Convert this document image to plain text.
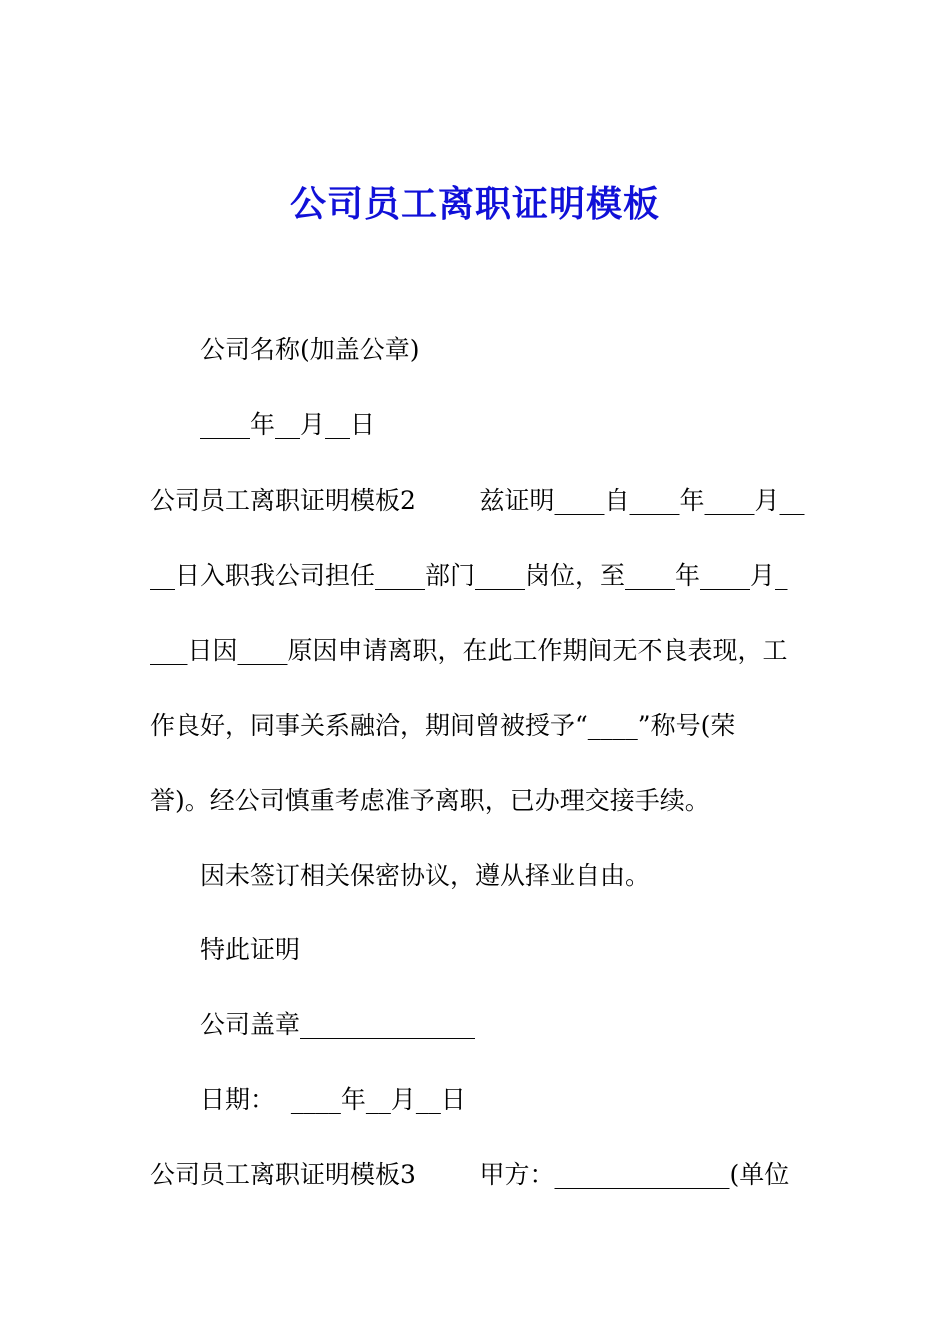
公司员工离职证明模板
公司名称(加盖公章)
____年__月__日
公司员工离职证明模板2        兹证明____自____年____月__
__日入职我公司担任____部门____岗位，至____年____月_
___日因____原因申请离职，在此工作期间无不良表现，工
作良好，同事关系融洽，期间曾被授予“____”称号(荣
誉)。经公司慎重考虑准予离职，已办理交接手续。
因未签订相关保密协议，遵从择业自由。
特此证明
公司盖章______________
日期：  ____年__月__日
公司员工离职证明模板3        甲方：______________(单位
